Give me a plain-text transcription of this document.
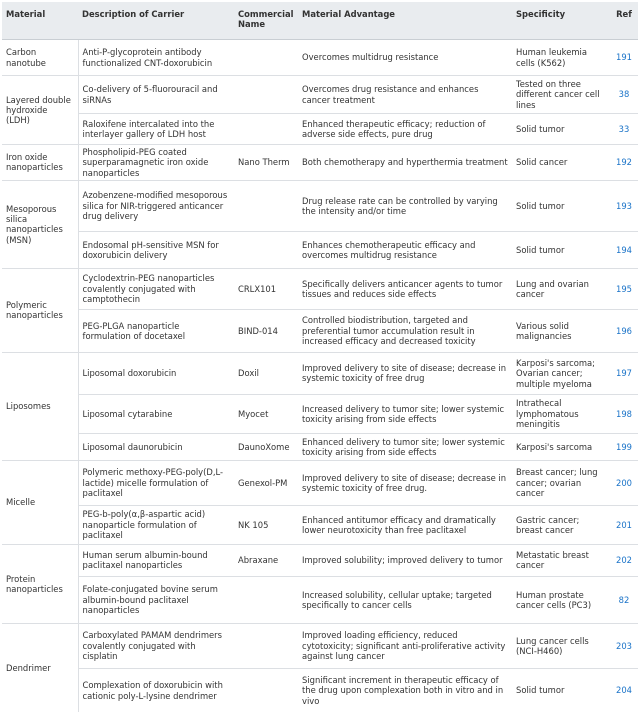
Material	Description of Carrier	Commercial Name	Material Advantage	Specificity	Ref
Carbon nanotube	Anti-P-glycoprotein antibody functionalized CNT-doxorubicin		Overcomes multidrug resistance	Human leukemia cells (K562)	191
Layered double hydroxide (LDH)	Co-delivery of 5-fluorouracil and siRNAs		Overcomes drug resistance and enhances cancer treatment	Tested on three different cancer cell lines	38
	Raloxifene intercalated into the interlayer gallery of LDH host		Enhanced therapeutic efficacy; reduction of adverse side effects, pure drug	Solid tumor	33
Iron oxide nanoparticles	Phospholipid-PEG coated superparamagnetic iron oxide nanoparticles	Nano Therm	Both chemotherapy and hyperthermia treatment	Solid cancer	192
Mesoporous silica nanoparticles (MSN)	Azobenzene-modified mesoporous silica for NIR-triggered anticancer drug delivery		Drug release rate can be controlled by varying the intensity and/or time	Solid tumor	193
	Endosomal pH-sensitive MSN for doxorubicin delivery		Enhances chemotherapeutic efficacy and overcomes multidrug resistance	Solid tumor	194
Polymeric nanoparticles	Cyclodextrin-PEG nanoparticles covalently conjugated with camptothecin	CRLX101	Specifically delivers anticancer agents to tumor tissues and reduces side effects	Lung and ovarian cancer	195
	PEG-PLGA nanoparticle formulation of docetaxel	BIND-014	Controlled biodistribution, targeted and preferential tumor accumulation result in increased efficacy and decreased toxicity	Various solid malignancies	196
Liposomes	Liposomal doxorubicin	Doxil	Improved delivery to site of disease; decrease in systemic toxicity of free drug	Karposi's sarcoma; Ovarian cancer; multiple myeloma	197
	Liposomal cytarabine	Myocet	Increased delivery to tumor site; lower systemic toxicity arising from side effects	Intrathecal lymphomatous meningitis	198
	Liposomal daunorubicin	DaunoXome	Enhanced delivery to tumor site; lower systemic toxicity arising from side effects	Karposi's sarcoma	199
Micelle	Polymeric methoxy-PEG-poly(D,L-lactide) micelle formulation of paclitaxel	Genexol-PM	Improved delivery to site of disease; decrease in systemic toxicity of free drug.	Breast cancer; lung cancer; ovarian cancer	200
	PEG-b-poly(α,β-aspartic acid) nanoparticle formulation of paclitaxel	NK 105	Enhanced antitumor efficacy and dramatically lower neurotoxicity than free paclitaxel	Gastric cancer; breast cancer	201
Protein nanoparticles	Human serum albumin-bound paclitaxel nanoparticles	Abraxane	Improved solubility; improved delivery to tumor	Metastatic breast cancer	202
	Folate-conjugated bovine serum albumin-bound paclitaxel nanoparticles		Increased solubility, cellular uptake; targeted specifically to cancer cells	Human prostate cancer cells (PC3)	82
Dendrimer	Carboxylated PAMAM dendrimers covalently conjugated with cisplatin		Improved loading efficiency, reduced cytotoxicity; significant anti-proliferative activity against lung cancer	Lung cancer cells (NCI-H460)	203
	Complexation of doxorubicin with cationic poly-L-lysine dendrimer		Significant increment in therapeutic efficacy of the drug upon complexation both in vitro and in vivo	Solid tumor	204
